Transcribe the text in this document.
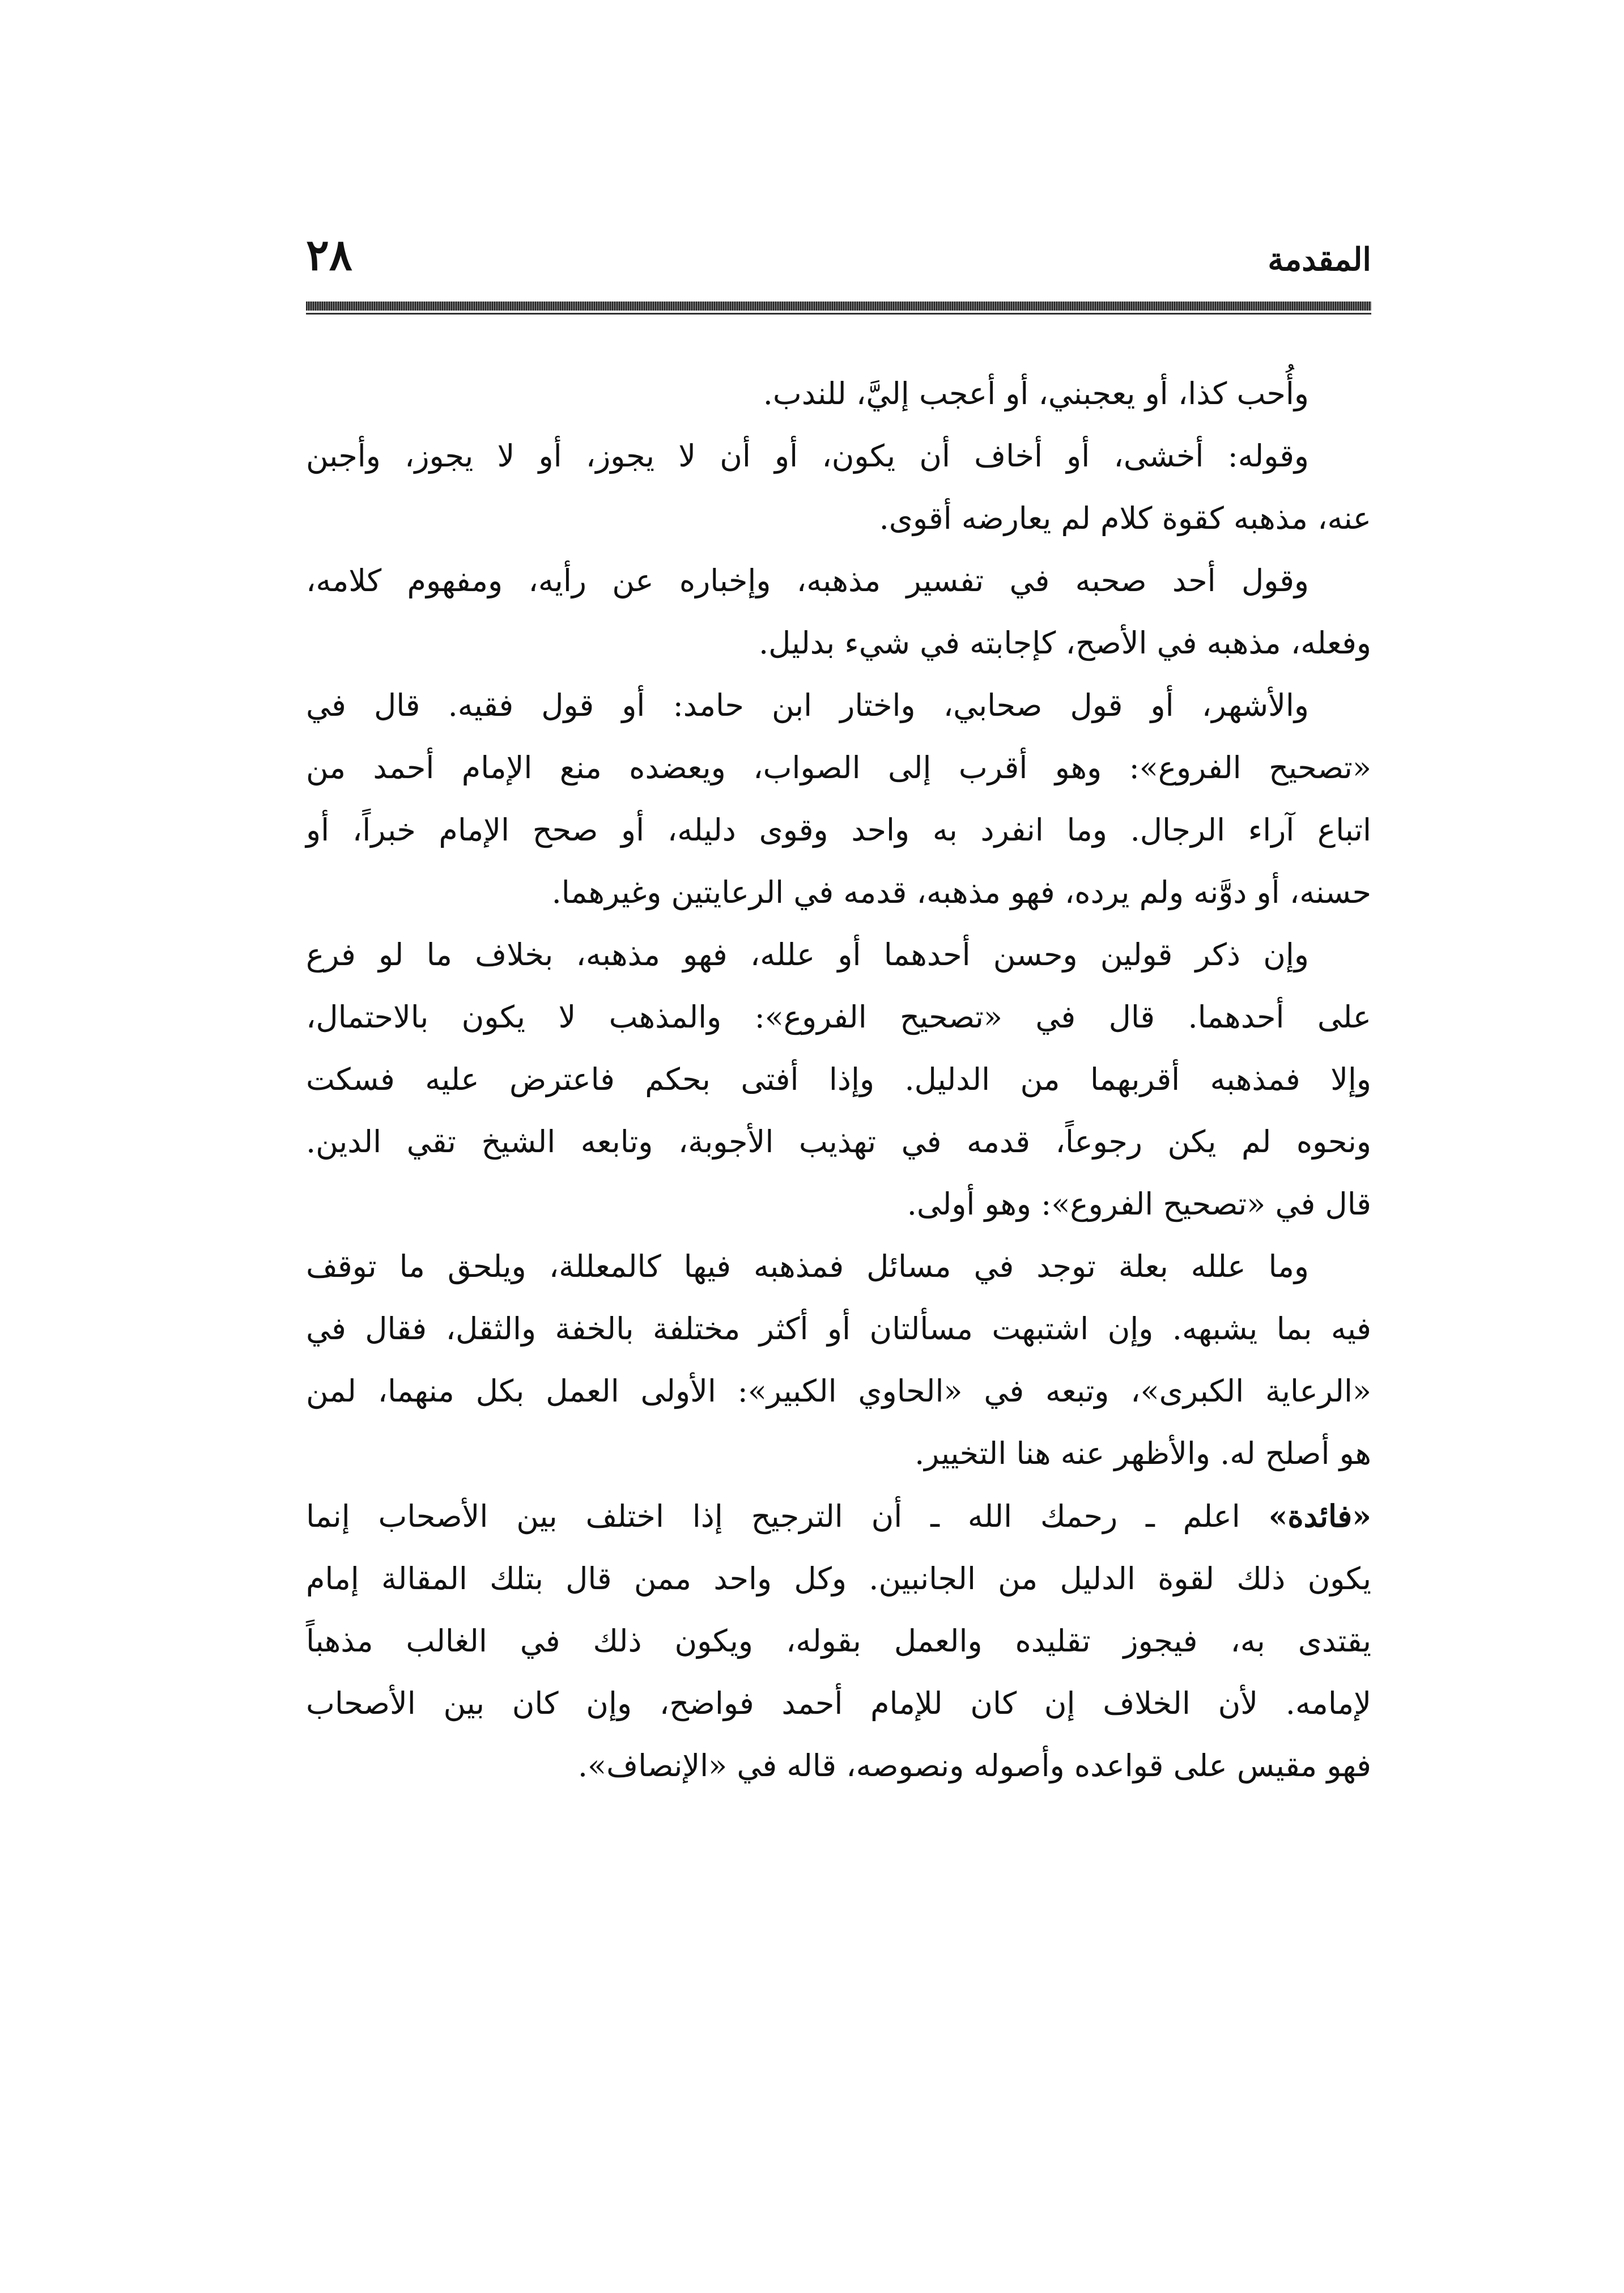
المقدمة
٢٨

وأُحب كذا، أو يعجبني، أو أعجب إليَّ، للندب.

وقوله: أخشى، أو أخاف أن يكون، أو أن لا يجوز، أو لا يجوز، وأجبن
عنه، مذهبه كقوة كلام لم يعارضه أقوى.

وقول أحد صحبه في تفسير مذهبه، وإخباره عن رأيه، ومفهوم كلامه،
وفعله، مذهبه في الأصح، كإجابته في شيء بدليل.

والأشهر، أو قول صحابي، واختار ابن حامد: أو قول فقيه. قال في
«تصحيح الفروع»: وهو أقرب إلى الصواب، ويعضده منع الإمام أحمد من
اتباع آراء الرجال. وما انفرد به واحد وقوى دليله، أو صحح الإمام خبراً، أو
حسنه، أو دوَّنه ولم يرده، فهو مذهبه، قدمه في الرعايتين وغيرهما.

وإن ذكر قولين وحسن أحدهما أو علله، فهو مذهبه، بخلاف ما لو فرع
على أحدهما. قال في «تصحيح الفروع»: والمذهب لا يكون بالاحتمال،
وإلا فمذهبه أقربهما من الدليل. وإذا أفتى بحكم فاعترض عليه فسكت
ونحوه لم يكن رجوعاً، قدمه في تهذيب الأجوبة، وتابعه الشيخ تقي الدين.
قال في «تصحيح الفروع»: وهو أولى.

وما علله بعلة توجد في مسائل فمذهبه فيها كالمعللة، ويلحق ما توقف
فيه بما يشبهه. وإن اشتبهت مسألتان أو أكثر مختلفة بالخفة والثقل، فقال في
«الرعاية الكبرى»، وتبعه في «الحاوي الكبير»: الأولى العمل بكل منهما، لمن
هو أصلح له. والأظهر عنه هنا التخيير.

«فائدة» اعلم ـ رحمك الله ـ أن الترجيح إذا اختلف بين الأصحاب إنما
يكون ذلك لقوة الدليل من الجانبين. وكل واحد ممن قال بتلك المقالة إمام
يقتدى به، فيجوز تقليده والعمل بقوله، ويكون ذلك في الغالب مذهباً
لإمامه. لأن الخلاف إن كان للإمام أحمد فواضح، وإن كان بين الأصحاب
فهو مقيس على قواعده وأصوله ونصوصه، قاله في «الإنصاف».
